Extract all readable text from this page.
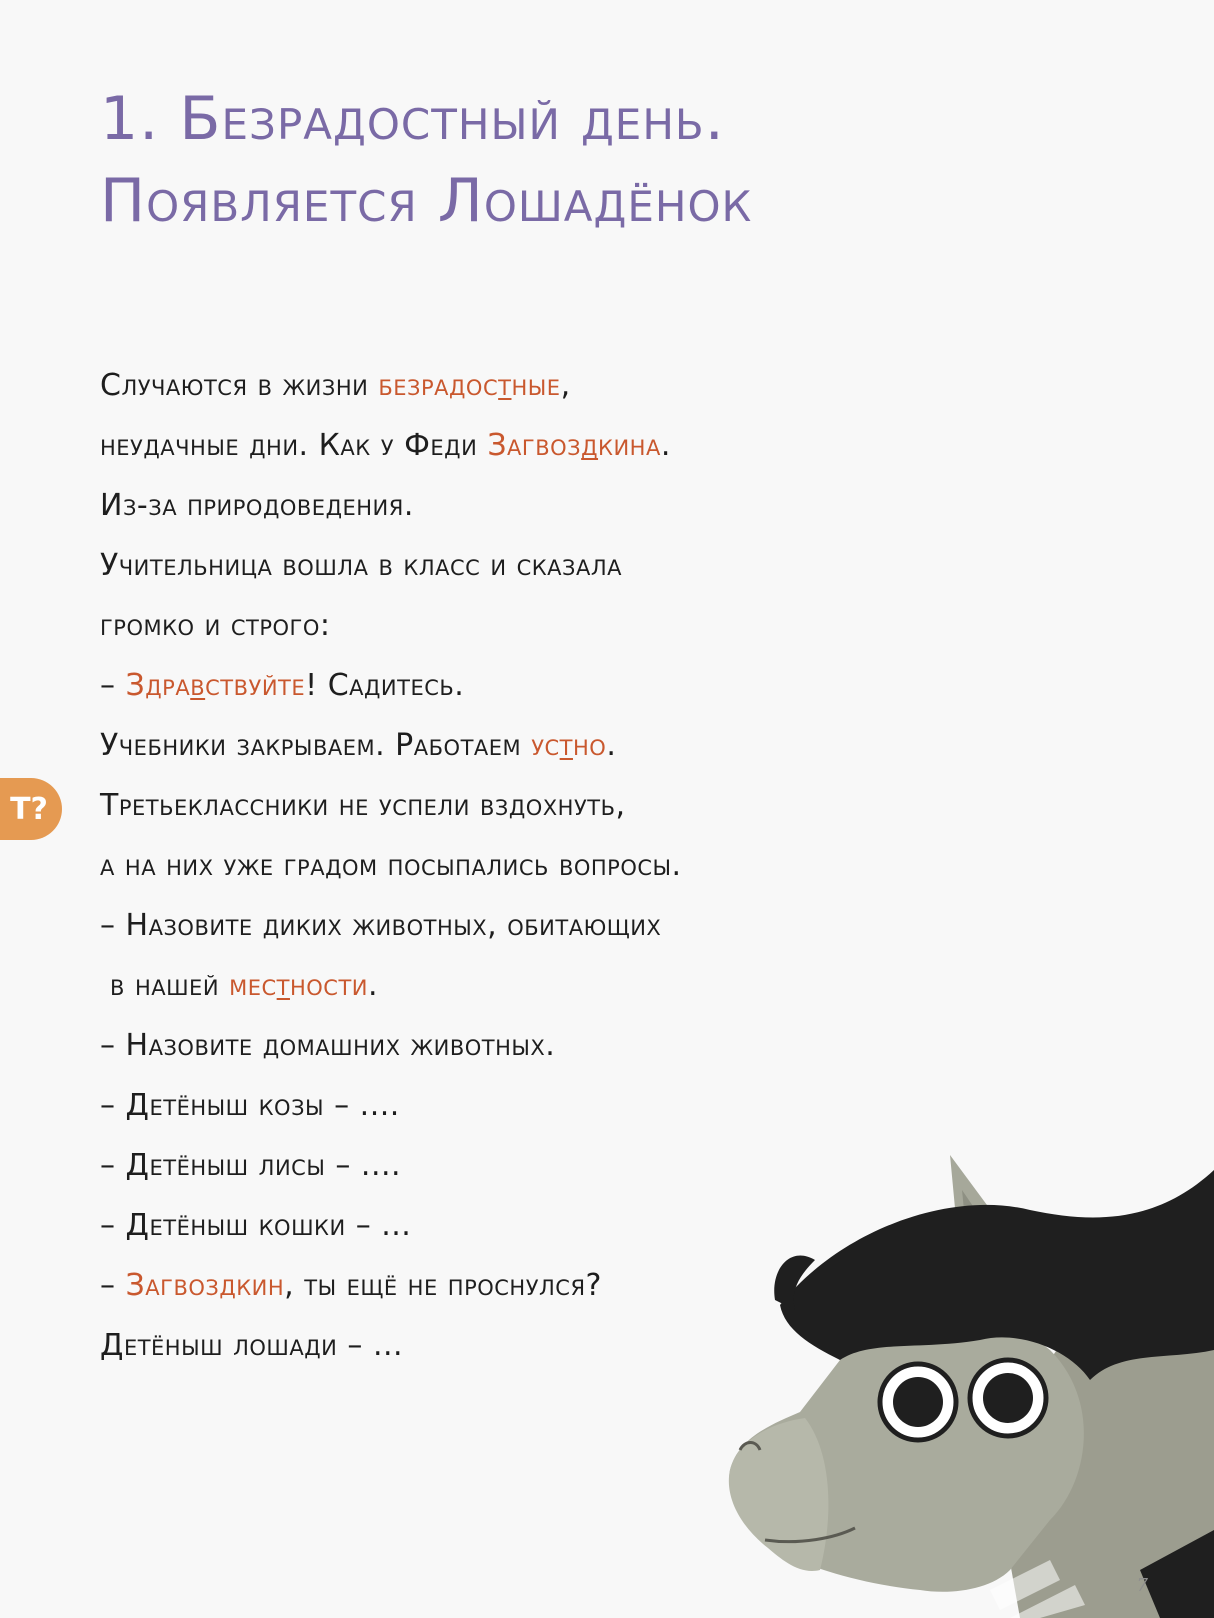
1. Безрадостный день.
Появляется Лошадёнок
Т?
Случаются в жизни безрадостные,
неудачные дни. Как у Феди Загвоздкина.
Из-за природоведения.
Учительница вошла в класс и сказала
громко и строго:
– Здравствуйте! Садитесь.
Учебники закрываем. Работаем устно.
Третьеклассники не успели вздохнуть,
а на них уже градом посыпались вопросы.
– Назовите диких животных, обитающих
в нашей местности.
– Назовите домашних животных.
– Детёныш козы – ....
– Детёныш лисы – ....
– Детёныш кошки – ...
– Загвоздкин, ты ещё не проснулся?
Детёныш лошади – ...
7
